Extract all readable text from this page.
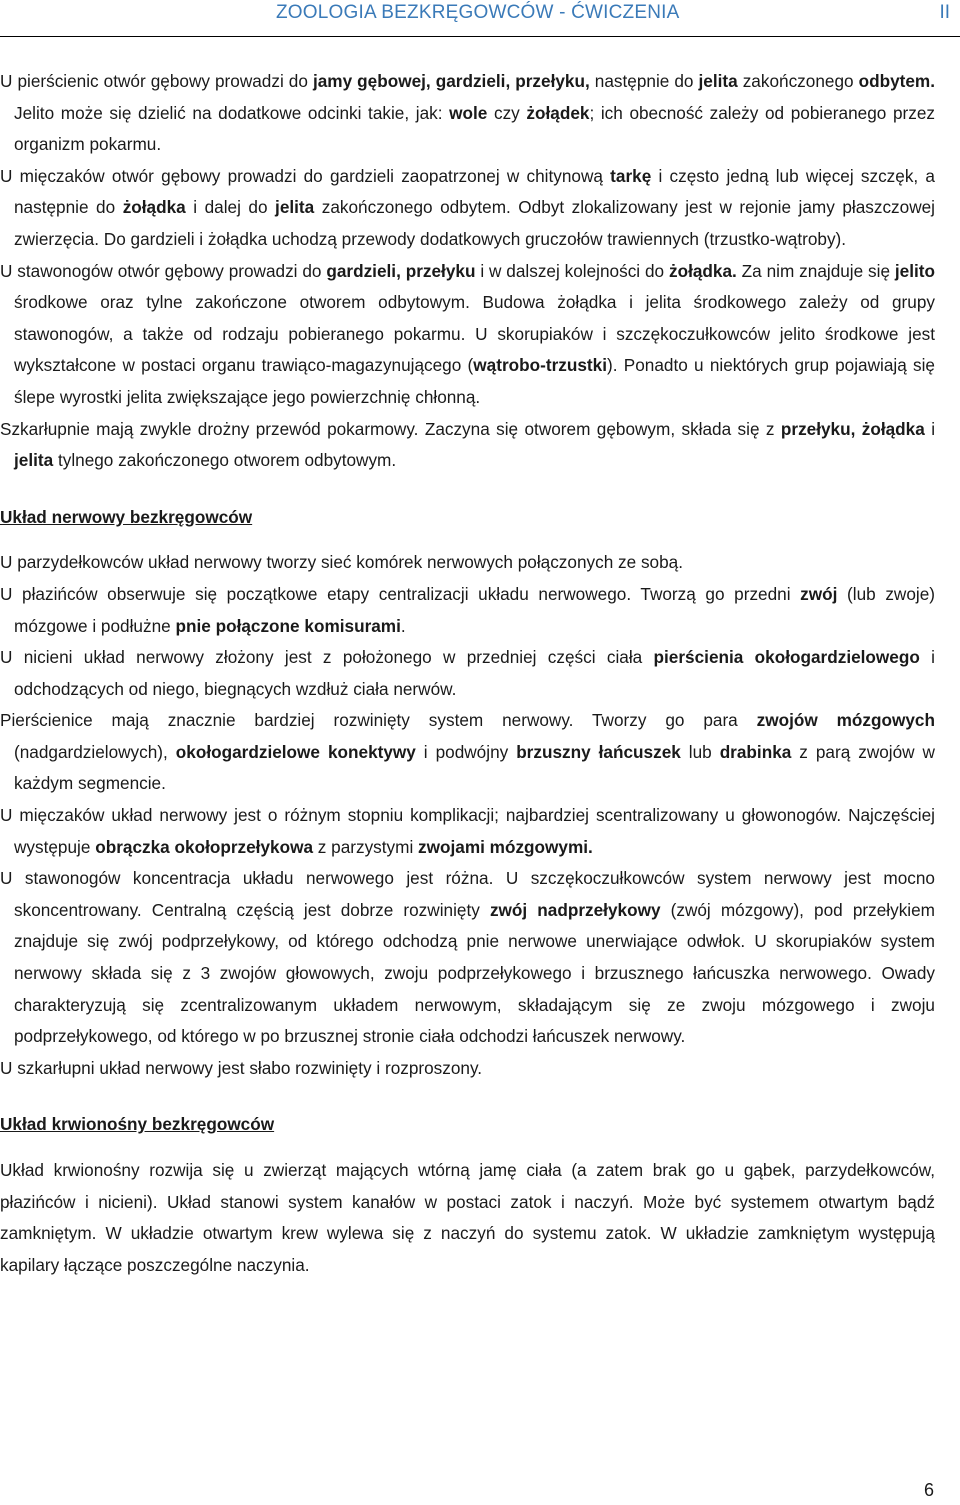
ZOOLOGIA BEZKRĘGOWCÓW - ĆWICZENIA	II

U pierścienic otwór gębowy prowadzi do jamy gębowej, gardzieli, przełyku, następnie do jelita zakończonego odbytem. Jelito może się dzielić na dodatkowe odcinki takie, jak: wole czy żołądek; ich obecność zależy od pobieranego przez organizm pokarmu.

U mięczaków otwór gębowy prowadzi do gardzieli zaopatrzonej w chitynową tarkę i często jedną lub więcej szczęk, a następnie do żołądka i dalej do jelita zakończonego odbytem. Odbyt zlokalizowany jest w rejonie jamy płaszczowej zwierzęcia. Do gardzieli i żołądka uchodzą przewody dodatkowych gruczołów trawiennych (trzustko-wątroby).

U stawonogów otwór gębowy prowadzi do gardzieli, przełyku i w dalszej kolejności do żołądka. Za nim znajduje się jelito środkowe oraz tylne zakończone otworem odbytowym. Budowa żołądka i jelita środkowego zależy od grupy stawonogów, a także od rodzaju pobieranego pokarmu. U skorupiaków i szczękoczułkowców jelito środkowe jest wykształcone w postaci organu trawiąco-magazynującego (wątrobo-trzustki). Ponadto u niektórych grup pojawiają się ślepe wyrostki jelita zwiększające jego powierzchnię chłonną.

Szkarłupnie mają zwykle drożny przewód pokarmowy. Zaczyna się otworem gębowym, składa się z przełyku, żołądka i jelita tylnego zakończonego otworem odbytowym.

Układ nerwowy bezkręgowców

U parzydełkowców układ nerwowy tworzy sieć komórek nerwowych połączonych ze sobą.

U płazińców obserwuje się początkowe etapy centralizacji układu nerwowego. Tworzą go przedni zwój (lub zwoje) mózgowe i podłużne pnie połączone komisurami.

U nicieni układ nerwowy złożony jest z położonego w przedniej części ciała pierścienia okołogardzielowego i odchodzących od niego, biegnących wzdłuż ciała nerwów.

Pierścienice mają znacznie bardziej rozwinięty system nerwowy. Tworzy go para zwojów mózgowych (nadgardzielowych), okołogardzielowe konektywy i podwójny brzuszny łańcuszek lub drabinka z parą zwojów w każdym segmencie.

U mięczaków układ nerwowy jest o różnym stopniu komplikacji; najbardziej scentralizowany u głowonogów. Najczęściej występuje obrączka okołoprzełykowa z parzystymi zwojami mózgowymi.

U stawonogów koncentracja układu nerwowego jest różna. U szczękoczułkowców system nerwowy jest mocno skoncentrowany. Centralną częścią jest dobrze rozwinięty zwój nadprzełykowy (zwój mózgowy), pod przełykiem znajduje się zwój podprzełykowy, od którego odchodzą pnie nerwowe unerwiające odwłok. U skorupiaków system nerwowy składa się z 3 zwojów głowowych, zwoju podprzełykowego i brzusznego łańcuszka nerwowego. Owady charakteryzują się zcentralizowanym układem nerwowym, składającym się ze zwoju mózgowego i zwoju podprzełykowego, od którego w po brzusznej stronie ciała odchodzi łańcuszek nerwowy.

U szkarłupni układ nerwowy jest słabo rozwinięty i rozproszony.

Układ krwionośny bezkręgowców

Układ krwionośny rozwija się u zwierząt mających wtórną jamę ciała (a zatem brak go u gąbek, parzydełkowców, płazińców i nicieni). Układ stanowi system kanałów w postaci zatok i naczyń. Może być systemem otwartym bądź zamkniętym. W układzie otwartym krew wylewa się z naczyń do systemu zatok. W układzie zamkniętym występują kapilary łączące poszczególne naczynia.

6
